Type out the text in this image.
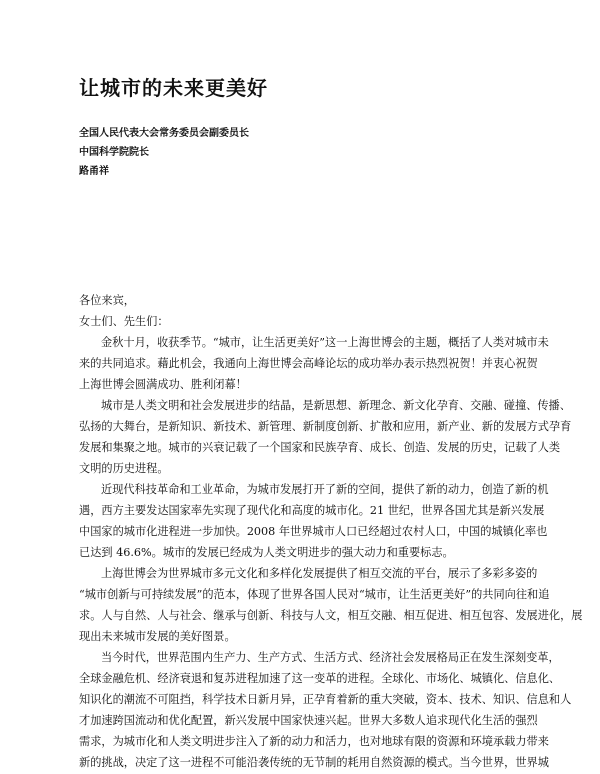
让城市的未来更美好
全国人民代表大会常务委员会副委员长
中国科学院院长
路甬祥
各位来宾，
女士们、先生们：
金秋十月，收获季节。“城市，让生活更美好”这一上海世博会的主题，概括了人类对城市未
来的共同追求。藉此机会，我通向上海世博会高峰论坛的成功举办表示热烈祝贺！并衷心祝贺
上海世博会圆满成功、胜利闭幕！
城市是人类文明和社会发展进步的结晶，是新思想、新理念、新文化孕育、交融、碰撞、传播、
弘扬的大舞台，是新知识、新技术、新管理、新制度创新、扩散和应用，新产业、新的发展方式孕育
发展和集聚之地。城市的兴衰记载了一个国家和民族孕育、成长、创造、发展的历史，记载了人类
文明的历史进程。
近现代科技革命和工业革命，为城市发展打开了新的空间，提供了新的动力，创造了新的机
遇，西方主要发达国家率先实现了现代化和高度的城市化。21 世纪，世界各国尤其是新兴发展
中国家的城市化进程进一步加快。2008 年世界城市人口已经超过农村人口，中国的城镇化率也
已达到 46.6%。城市的发展已经成为人类文明进步的强大动力和重要标志。
上海世博会为世界城市多元文化和多样化发展提供了相互交流的平台，展示了多彩多姿的
“城市创新与可持续发展”的范本，体现了世界各国人民对“城市，让生活更美好”的共同向往和追
求。人与自然、人与社会、继承与创新、科技与人文，相互交融、相互促进、相互包容、发展进化，展
现出未来城市发展的美好图景。
当今时代，世界范围内生产力、生产方式、生活方式、经济社会发展格局正在发生深刻变革，
全球金融危机、经济衰退和复苏进程加速了这一变革的进程。全球化、市场化、城镇化、信息化、
知识化的潮流不可阻挡，科学技术日新月异，正孕育着新的重大突破，资本、技术、知识、信息和人
才加速跨国流动和优化配置，新兴发展中国家快速兴起。世界大多数人追求现代化生活的强烈
需求，为城市化和人类文明进步注入了新的动力和活力，也对地球有限的资源和环境承载力带来
新的挑战，决定了这一进程不可能沿袭传统的无节制的耗用自然资源的模式。当今世界，世界城
